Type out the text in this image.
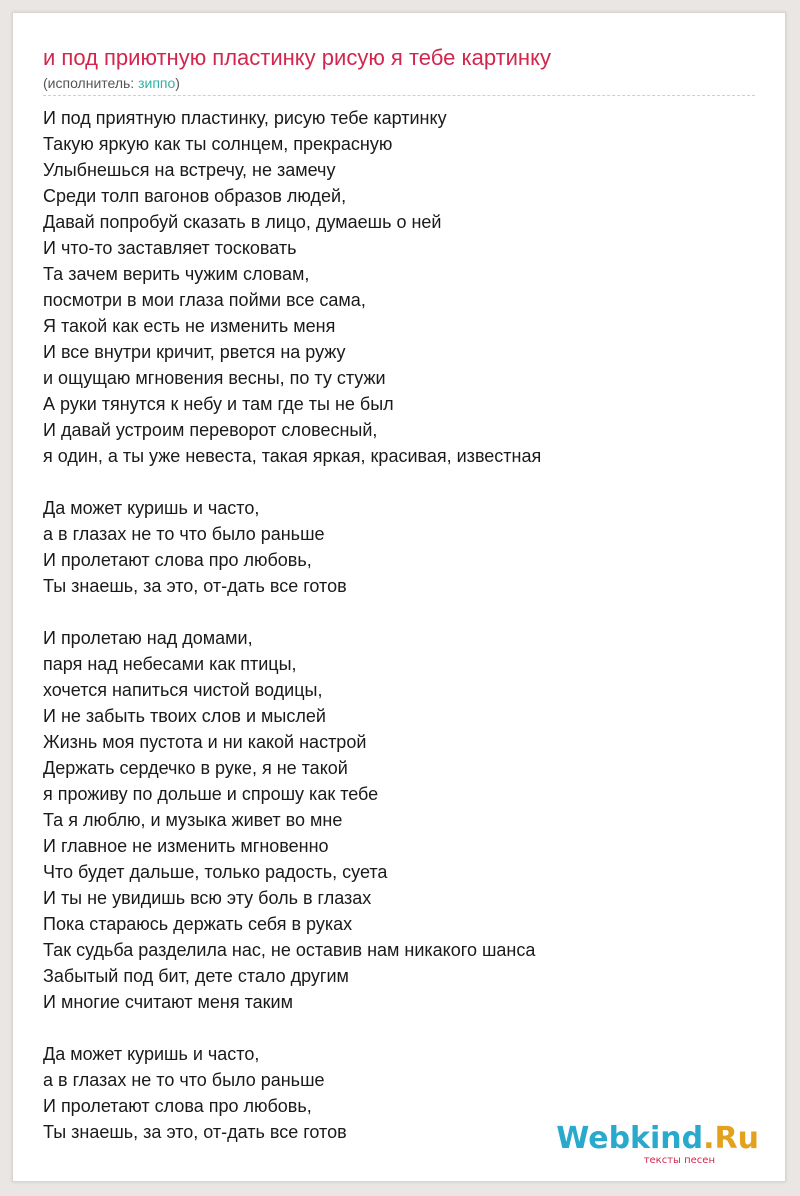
и под приютную пластинку рисую я тебе картинку
(исполнитель: зиппо)
И под приятную пластинку, рисую тебе картинку
Такую яркую как ты солнцем, прекрасную
Улыбнешься на встречу, не замечу
Среди толп вагонов образов людей,
Давай попробуй сказать в лицо, думаешь о ней
И что-то заставляет тосковать
Та зачем верить чужим словам,
посмотри в мои глаза пойми все сама,
Я такой как есть не изменить меня
И все внутри кричит, рвется на ружу
и ощущаю мгновения весны, по ту стужи
А руки тянутся к небу и там где ты не был
И давай устроим переворот словесный,
я один, а ты уже невеста, такая яркая, красивая, известная
Да может куришь и часто,
а в глазах не то что было раньше
И пролетают слова про любовь,
Ты знаешь, за это, от-дать все готов
И пролетаю над домами,
паря над небесами как птицы,
хочется напиться чистой водицы,
И не забыть твоих слов и мыслей
Жизнь моя пустота и ни какой настрой
Держать сердечко в руке, я не такой
я проживу по дольше и спрошу как тебе
Та я люблю, и музыка живет во мне
И главное не изменить мгновенно
Что будет дальше, только радость, суета
И ты не увидишь всю эту боль в глазах
Пока стараюсь держать себя в руках
Так судьба разделила нас, не оставив нам никакого шанса
Забытый под бит, дете стало другим
И многие считают меня таким
Да может куришь и часто,
а в глазах не то что было раньше
И пролетают слова про любовь,
Ты знаешь, за это, от-дать все готов	Webkind.Ru
тексты песен
